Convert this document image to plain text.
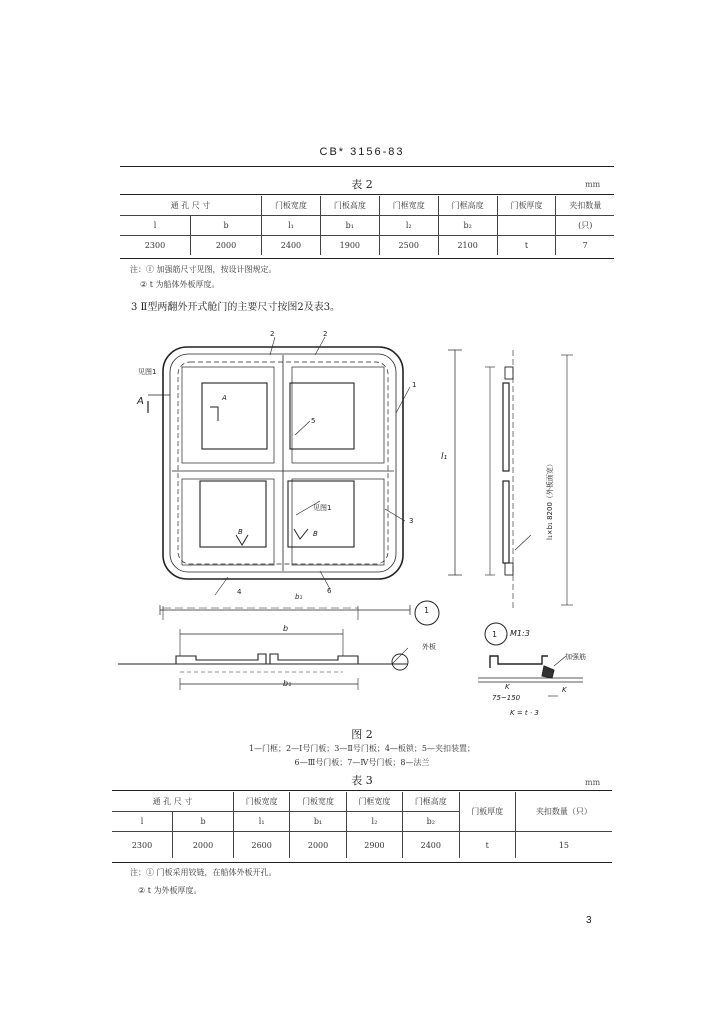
CB* 3156-83
表 2	mm
通 孔 尺 寸		门板宽度	门板高度	门框宽度	门框高度	门板厚度	夹扣数量
l	b	l₁	b₁	l₂	b₂		(只)
2300	2000	2400	1900	2500	2100	t	7
注：① 加强筋尺寸见图，按设计图规定。
② t 为船体外板厚度。
3 Ⅱ型两翻外开式舱门的主要尺寸按图2及表3。
见图1
A	A
见图1
B
B
2	2
1
5
3
4	6
b₁
l₁
l₁×b₁ 8200（外板面宽）
b
b₁
外板
1
1 M1:3
加强筋
K
75~150
K
K = t · 3
图 2
1—门框；2—Ⅰ号门板；3—Ⅱ号门板；4—板锁；5—夹扣装置；
6—Ⅲ号门板；7—Ⅳ号门板；8—法兰
表 3	mm
通 孔 尺 寸		门板宽度	门板宽度	门框宽度	门框高度	门板厚度	夹扣数量（只）
l	b	l₁	b₁	l₂	b₂		
2300	2000	2600	2000	2900	2400	t	15
注：① 门板采用铰链，在船体外板开孔。
② t 为外板厚度。
3
